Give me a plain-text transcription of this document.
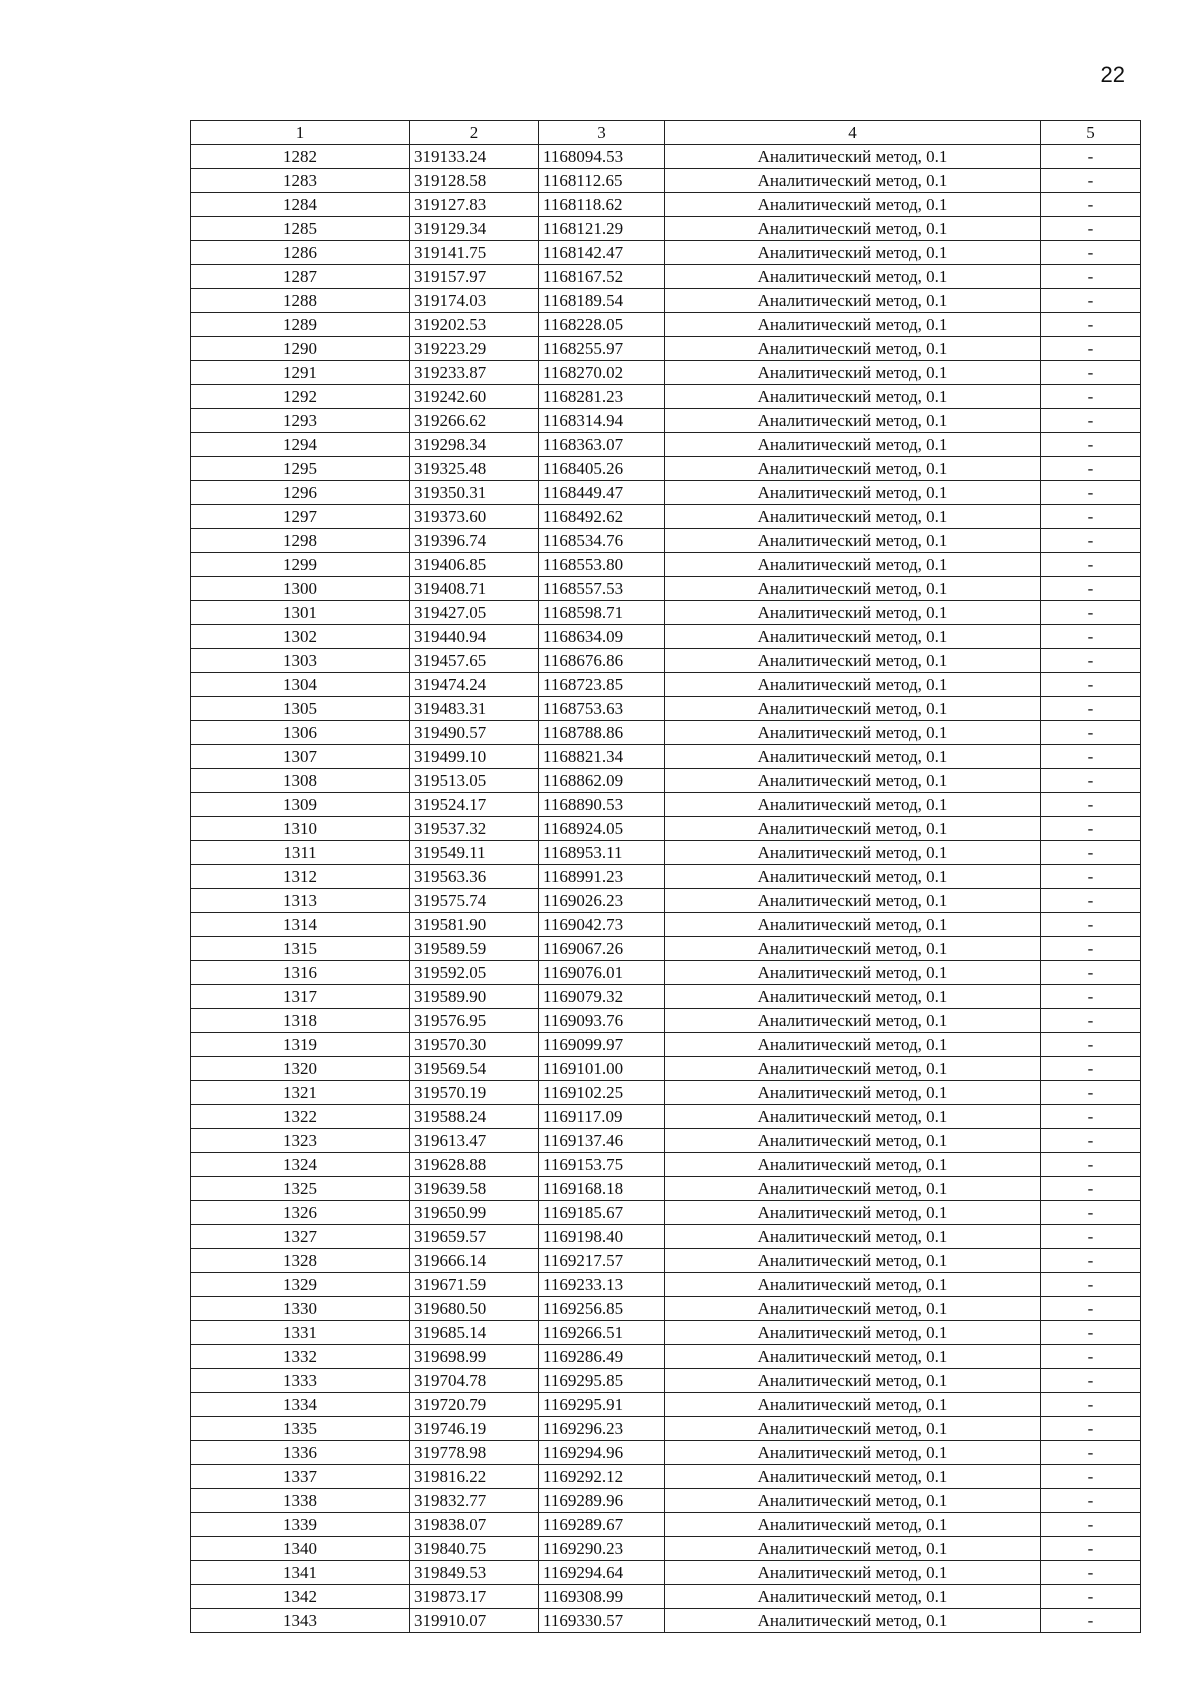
22
1	2	3	4	5
1282	319133.24	1168094.53	Аналитический метод, 0.1	-
1283	319128.58	1168112.65	Аналитический метод, 0.1	-
1284	319127.83	1168118.62	Аналитический метод, 0.1	-
1285	319129.34	1168121.29	Аналитический метод, 0.1	-
1286	319141.75	1168142.47	Аналитический метод, 0.1	-
1287	319157.97	1168167.52	Аналитический метод, 0.1	-
1288	319174.03	1168189.54	Аналитический метод, 0.1	-
1289	319202.53	1168228.05	Аналитический метод, 0.1	-
1290	319223.29	1168255.97	Аналитический метод, 0.1	-
1291	319233.87	1168270.02	Аналитический метод, 0.1	-
1292	319242.60	1168281.23	Аналитический метод, 0.1	-
1293	319266.62	1168314.94	Аналитический метод, 0.1	-
1294	319298.34	1168363.07	Аналитический метод, 0.1	-
1295	319325.48	1168405.26	Аналитический метод, 0.1	-
1296	319350.31	1168449.47	Аналитический метод, 0.1	-
1297	319373.60	1168492.62	Аналитический метод, 0.1	-
1298	319396.74	1168534.76	Аналитический метод, 0.1	-
1299	319406.85	1168553.80	Аналитический метод, 0.1	-
1300	319408.71	1168557.53	Аналитический метод, 0.1	-
1301	319427.05	1168598.71	Аналитический метод, 0.1	-
1302	319440.94	1168634.09	Аналитический метод, 0.1	-
1303	319457.65	1168676.86	Аналитический метод, 0.1	-
1304	319474.24	1168723.85	Аналитический метод, 0.1	-
1305	319483.31	1168753.63	Аналитический метод, 0.1	-
1306	319490.57	1168788.86	Аналитический метод, 0.1	-
1307	319499.10	1168821.34	Аналитический метод, 0.1	-
1308	319513.05	1168862.09	Аналитический метод, 0.1	-
1309	319524.17	1168890.53	Аналитический метод, 0.1	-
1310	319537.32	1168924.05	Аналитический метод, 0.1	-
1311	319549.11	1168953.11	Аналитический метод, 0.1	-
1312	319563.36	1168991.23	Аналитический метод, 0.1	-
1313	319575.74	1169026.23	Аналитический метод, 0.1	-
1314	319581.90	1169042.73	Аналитический метод, 0.1	-
1315	319589.59	1169067.26	Аналитический метод, 0.1	-
1316	319592.05	1169076.01	Аналитический метод, 0.1	-
1317	319589.90	1169079.32	Аналитический метод, 0.1	-
1318	319576.95	1169093.76	Аналитический метод, 0.1	-
1319	319570.30	1169099.97	Аналитический метод, 0.1	-
1320	319569.54	1169101.00	Аналитический метод, 0.1	-
1321	319570.19	1169102.25	Аналитический метод, 0.1	-
1322	319588.24	1169117.09	Аналитический метод, 0.1	-
1323	319613.47	1169137.46	Аналитический метод, 0.1	-
1324	319628.88	1169153.75	Аналитический метод, 0.1	-
1325	319639.58	1169168.18	Аналитический метод, 0.1	-
1326	319650.99	1169185.67	Аналитический метод, 0.1	-
1327	319659.57	1169198.40	Аналитический метод, 0.1	-
1328	319666.14	1169217.57	Аналитический метод, 0.1	-
1329	319671.59	1169233.13	Аналитический метод, 0.1	-
1330	319680.50	1169256.85	Аналитический метод, 0.1	-
1331	319685.14	1169266.51	Аналитический метод, 0.1	-
1332	319698.99	1169286.49	Аналитический метод, 0.1	-
1333	319704.78	1169295.85	Аналитический метод, 0.1	-
1334	319720.79	1169295.91	Аналитический метод, 0.1	-
1335	319746.19	1169296.23	Аналитический метод, 0.1	-
1336	319778.98	1169294.96	Аналитический метод, 0.1	-
1337	319816.22	1169292.12	Аналитический метод, 0.1	-
1338	319832.77	1169289.96	Аналитический метод, 0.1	-
1339	319838.07	1169289.67	Аналитический метод, 0.1	-
1340	319840.75	1169290.23	Аналитический метод, 0.1	-
1341	319849.53	1169294.64	Аналитический метод, 0.1	-
1342	319873.17	1169308.99	Аналитический метод, 0.1	-
1343	319910.07	1169330.57	Аналитический метод, 0.1	-
